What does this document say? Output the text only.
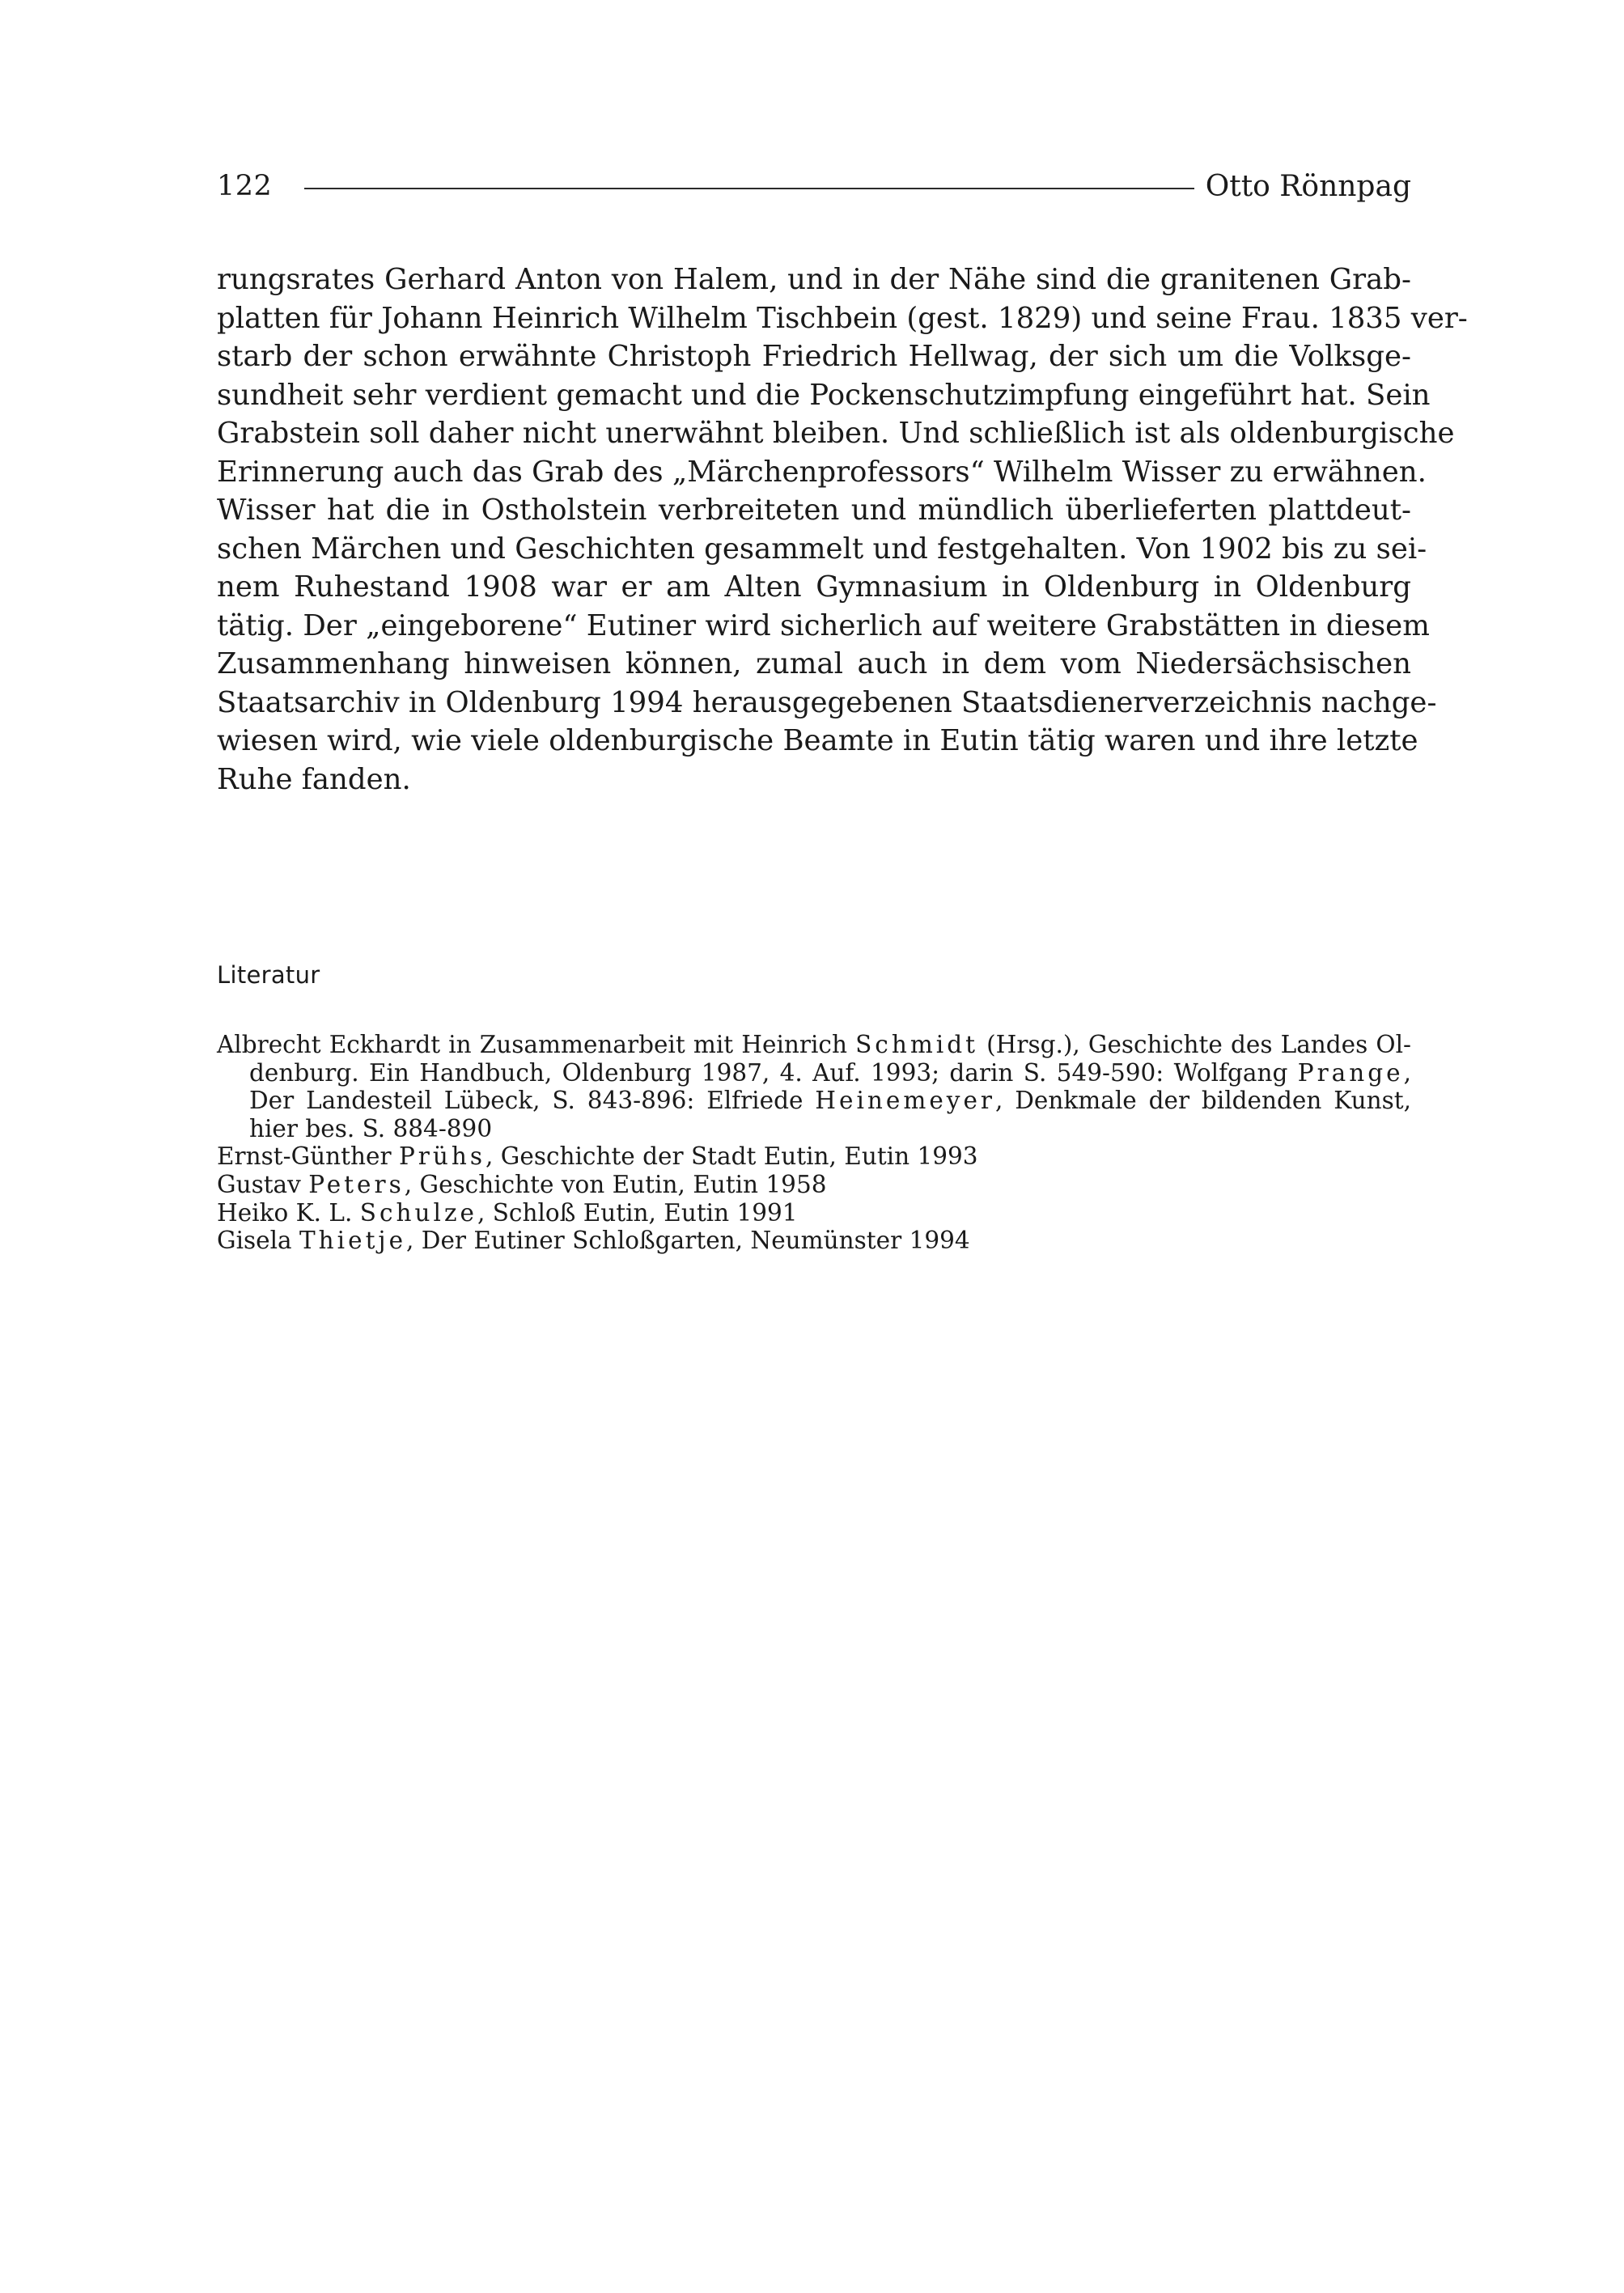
122	Otto Rönnpag
rungsrates Gerhard Anton von Halem, und in der Nähe sind die granitenen Grab-
platten für Johann Heinrich Wilhelm Tischbein (gest. 1829) und seine Frau. 1835 ver-
starb der schon erwähnte Christoph Friedrich Hellwag, der sich um die Volksge-
sundheit sehr verdient gemacht und die Pockenschutzimpfung eingeführt hat. Sein
Grabstein soll daher nicht unerwähnt bleiben. Und schließlich ist als oldenburgische
Erinnerung auch das Grab des „Märchenprofessors“ Wilhelm Wisser zu erwähnen.
Wisser hat die in Ostholstein verbreiteten und mündlich überlieferten plattdeut-
schen Märchen und Geschichten gesammelt und festgehalten. Von 1902 bis zu sei-
nem Ruhestand 1908 war er am Alten Gymnasium in Oldenburg in Oldenburg
tätig. Der „eingeborene“ Eutiner wird sicherlich auf weitere Grabstätten in diesem
Zusammenhang hinweisen können, zumal auch in dem vom Niedersächsischen
Staatsarchiv in Oldenburg 1994 herausgegebenen Staatsdienerverzeichnis nachge-
wiesen wird, wie viele oldenburgische Beamte in Eutin tätig waren und ihre letzte
Ruhe fanden.
Literatur
Albrecht Eckhardt in Zusammenarbeit mit Heinrich Schmidt (Hrsg.), Geschichte des Landes Ol-
denburg. Ein Handbuch, Oldenburg 1987, 4. Auf. 1993; darin S. 549-590: Wolfgang Prange,
Der Landesteil Lübeck, S. 843-896: Elfriede Heinemeyer, Denkmale der bildenden Kunst,
hier bes. S. 884-890
Ernst-Günther Prühs, Geschichte der Stadt Eutin, Eutin 1993
Gustav Peters, Geschichte von Eutin, Eutin 1958
Heiko K. L. Schulze, Schloß Eutin, Eutin 1991
Gisela Thietje, Der Eutiner Schloßgarten, Neumünster 1994
